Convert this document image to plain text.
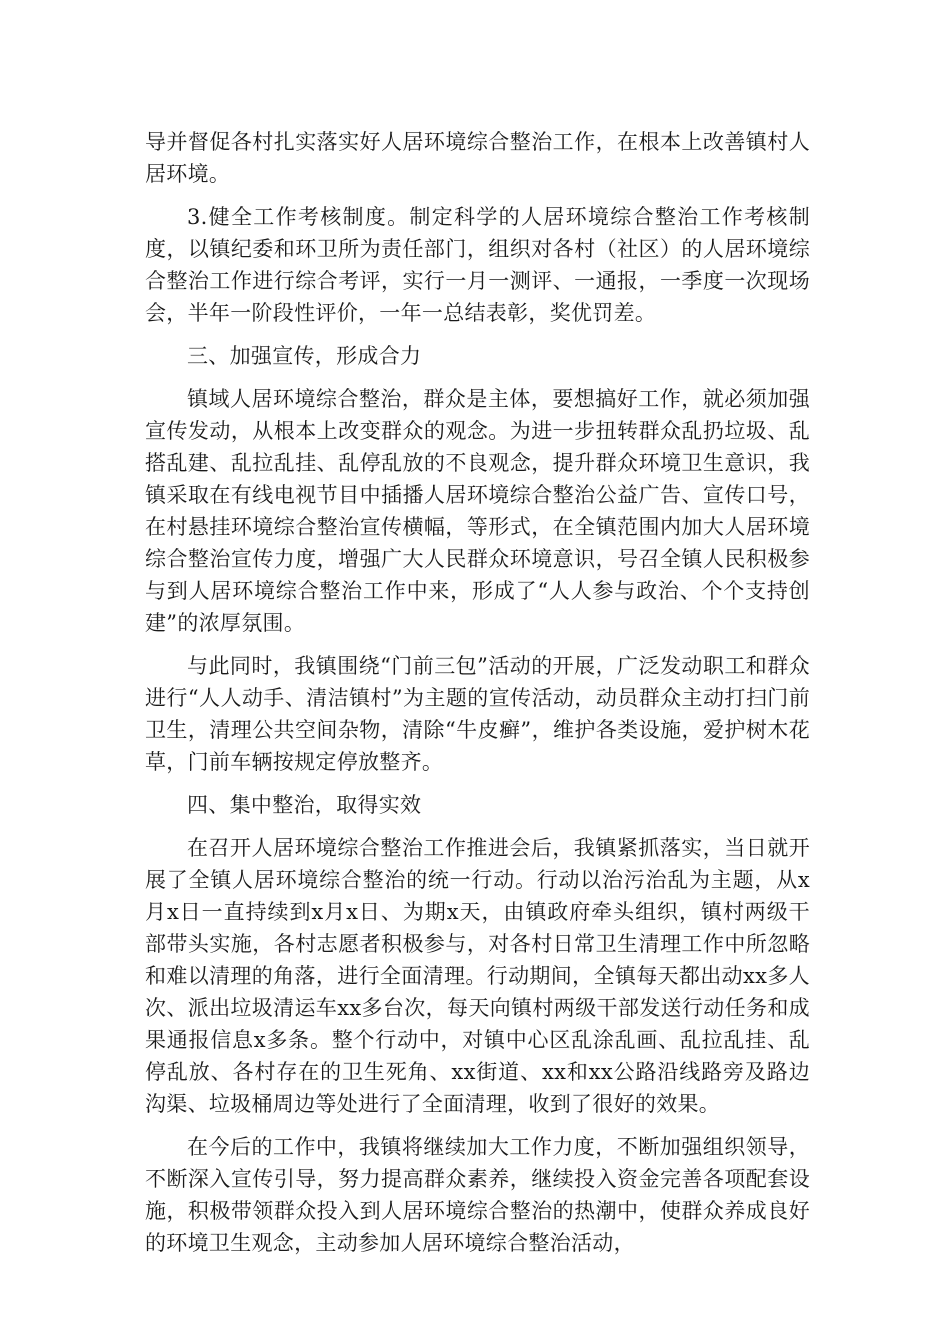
导并督促各村扎实落实好人居环境综合整治工作，在根本上改善镇村人居环境。

3.健全工作考核制度。制定科学的人居环境综合整治工作考核制度，以镇纪委和环卫所为责任部门，组织对各村（社区）的人居环境综合整治工作进行综合考评，实行一月一测评、一通报，一季度一次现场会，半年一阶段性评价，一年一总结表彰，奖优罚差。

三、加强宣传，形成合力

镇域人居环境综合整治，群众是主体，要想搞好工作，就必须加强宣传发动，从根本上改变群众的观念。为进一步扭转群众乱扔垃圾、乱搭乱建、乱拉乱挂、乱停乱放的不良观念，提升群众环境卫生意识，我镇采取在有线电视节目中插播人居环境综合整治公益广告、宣传口号，在村悬挂环境综合整治宣传横幅，等形式，在全镇范围内加大人居环境综合整治宣传力度，增强广大人民群众环境意识，号召全镇人民积极参与到人居环境综合整治工作中来，形成了“人人参与政治、个个支持创建”的浓厚氛围。

与此同时，我镇围绕“门前三包”活动的开展，广泛发动职工和群众进行“人人动手、清洁镇村”为主题的宣传活动，动员群众主动打扫门前卫生，清理公共空间杂物，清除“牛皮癣”，维护各类设施，爱护树木花草，门前车辆按规定停放整齐。

四、集中整治，取得实效

在召开人居环境综合整治工作推进会后，我镇紧抓落实，当日就开展了全镇人居环境综合整治的统一行动。行动以治污治乱为主题，从x月x日一直持续到x月x日、为期x天，由镇政府牵头组织，镇村两级干部带头实施，各村志愿者积极参与，对各村日常卫生清理工作中所忽略和难以清理的角落，进行全面清理。行动期间，全镇每天都出动xx多人次、派出垃圾清运车xx多台次，每天向镇村两级干部发送行动任务和成果通报信息x多条。整个行动中，对镇中心区乱涂乱画、乱拉乱挂、乱停乱放、各村存在的卫生死角、xx街道、xx和xx公路沿线路旁及路边沟渠、垃圾桶周边等处进行了全面清理，收到了很好的效果。

在今后的工作中，我镇将继续加大工作力度，不断加强组织领导，不断深入宣传引导，努力提高群众素养，继续投入资金完善各项配套设施，积极带领群众投入到人居环境综合整治的热潮中，使群众养成良好的环境卫生观念，主动参加人居环境综合整治活动，
